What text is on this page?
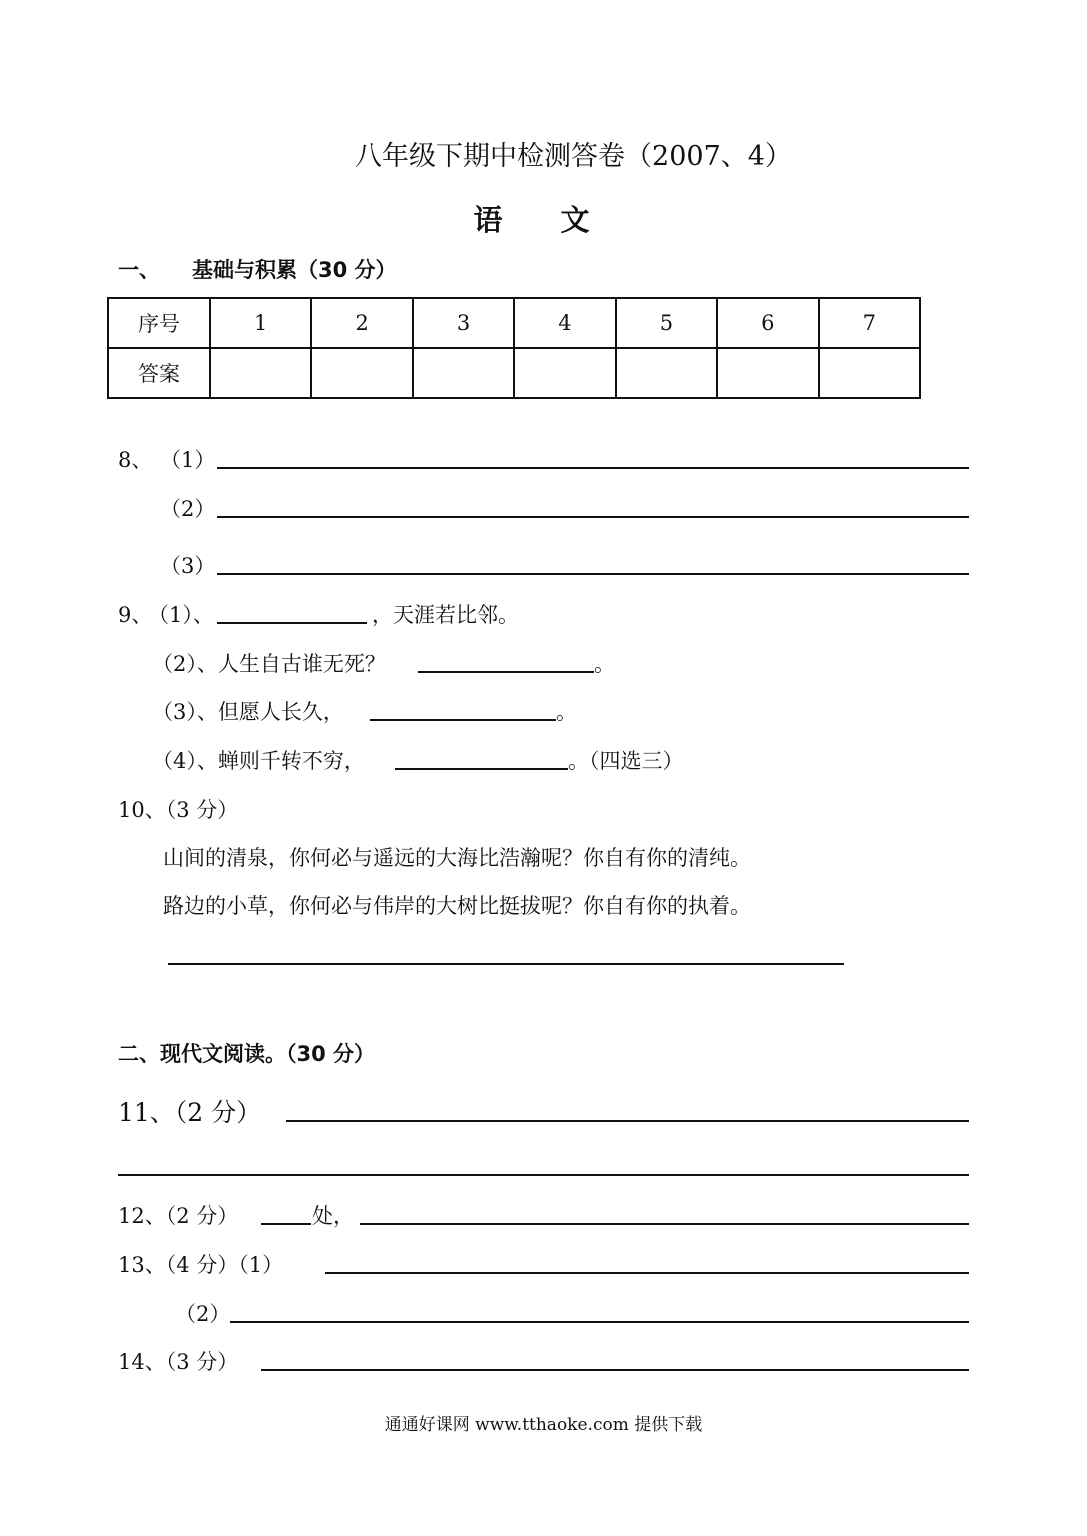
八年级下期中检测答卷（2007、4）
语 文
一、 基础与积累（30 分）
序号	1	2	3	4	5	6	7
答案							
8、 （1）
（2）
（3）
9、
（1）、	，天涯若比邻。
（2）、人生自古谁无死？	。
（3）、但愿人长久，	。
（4）、蝉则千转不穷，	。（四选三）
10、（3 分）
山间的清泉，你何必与遥远的大海比浩瀚呢？你自有你的清纯。
路边的小草，你何必与伟岸的大树比挺拔呢？你自有你的执着。
二、现代文阅读。（30 分）
11、（2 分）
12、（2 分）	处，
13、（4 分）（1）
（2）
14、（3 分）
通通好课网 www.tthaoke.com 提供下载
